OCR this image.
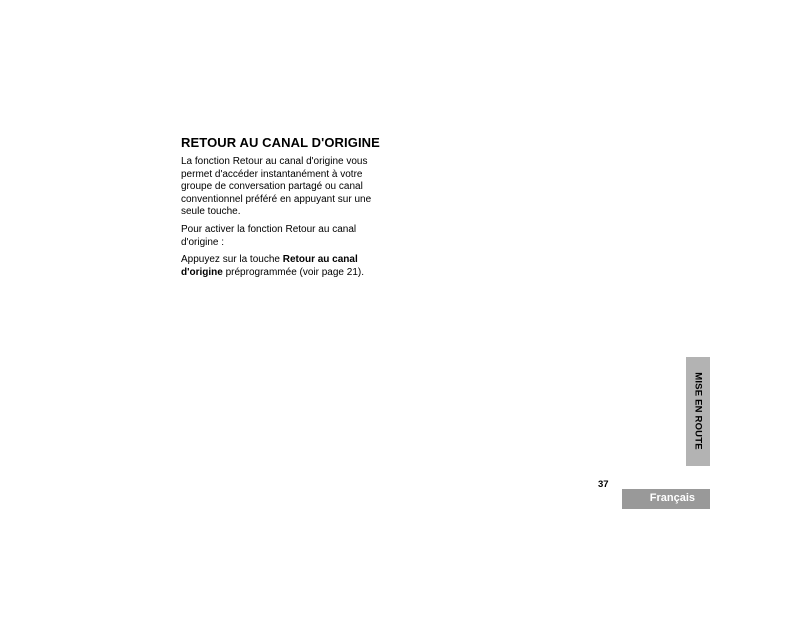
RETOUR AU CANAL D'ORIGINE

La fonction Retour au canal d'origine vous
permet d'accéder instantanément à votre
groupe de conversation partagé ou canal
conventionnel préféré en appuyant sur une
seule touche.

Pour activer la fonction Retour au canal
d'origine :

Appuyez sur la touche Retour au canal
d'origine préprogrammée (voir page 21).

MISE EN ROUTE
37
Français
